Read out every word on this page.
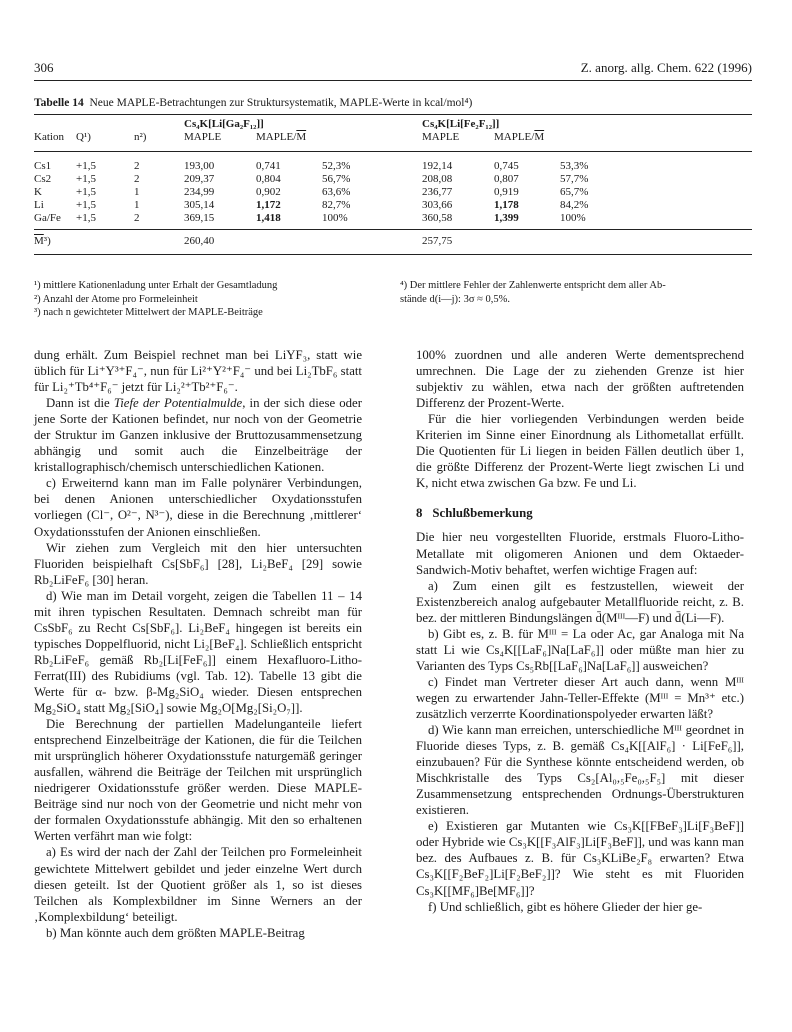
306	Z. anorg. allg. Chem. 622 (1996)
Tabelle 14 Neue MAPLE-Betrachtungen zur Struktursystematik, MAPLE-Werte in kcal/mol⁴)
			Cs₄K[Li[Ga₂F₁₂]]			Cs₄K[Li[Fe₂F₁₂]]		
Kation	Q¹)	n²)	MAPLE	MAPLE/$\overline{M}$		MAPLE	MAPLE/$\overline{M}$

Cs1	+1,5	2	193,00	0,741	52,3%	192,14	0,745	53,3%
Cs2	+1,5	2	209,37	0,804	56,7%	208,08	0,807	57,7%
K	+1,5	1	234,99	0,902	63,6%	236,77	0,919	65,7%
Li	+1,5	1	305,14	1,172	82,7%	303,66	1,178	84,2%
Ga/Fe	+1,5	2	369,15	1,418	100%	360,58	1,399	100%

$\overline{M}^3$)			260,40			257,75		

¹) mittlere Kationenladung unter Erhalt der Gesamtladung
²) Anzahl der Atome pro Formeleinheit
³) nach n gewichteter Mittelwert der MAPLE-Beiträge
⁴) Der mittlere Fehler der Zahlenwerte entspricht dem aller Ab-
stände d(i—j): 3σ ≈ 0,5%.

dung erhält. Zum Beispiel rechnet man bei LiYF₃, statt wie üblich für Li⁺Y³⁺F₄⁻, nun für Li²⁺Y²⁺F₄⁻ und bei Li₂TbF₆ statt für Li₂⁺Tb⁴⁺F₆⁻ jetzt für Li₂²⁺Tb²⁺F₆⁻.

Dann ist die Tiefe der Potentialmulde, in der sich diese oder jene Sorte der Kationen befindet, nur noch von der Geometrie der Struktur im Ganzen inklusive der Bruttozusammensetzung abhängig und somit auch die Einzelbeiträge der kristallographisch/chemisch unterschiedlichen Kationen.

c) Erweiternd kann man im Falle polynärer Verbindungen, bei denen Anionen unterschiedlicher Oxydationsstufen vorliegen (Cl⁻, O²⁻, N³⁻), diese in die Berechnung ‚mittlerer‘ Oxydationsstufen der Anionen einschließen.

Wir ziehen zum Vergleich mit den hier untersuchten Fluoriden beispielhaft Cs[SbF₆] [28], Li₂BeF₄ [29] sowie Rb₂LiFeF₆ [30] heran.

d) Wie man im Detail vorgeht, zeigen die Tabellen 11 – 14 mit ihren typischen Resultaten. Demnach schreibt man für CsSbF₆ zu Recht Cs[SbF₆]. Li₂BeF₄ hingegen ist bereits ein typisches Doppelfluorid, nicht Li₂[BeF₄]. Schließlich entspricht Rb₂LiFeF₆ gemäß Rb₂[Li[FeF₆]] einem Hexafluoro-Litho-Ferrat(III) des Rubidiums (vgl. Tab. 12). Tabelle 13 gibt die Werte für α- bzw. β-Mg₂SiO₄ wieder. Diesen entsprechen Mg₂SiO₄ statt Mg₂[SiO₄] sowie Mg₂O[Mg₂[Si₂O₇]].

Die Berechnung der partiellen Madelunganteile liefert entsprechend Einzelbeiträge der Kationen, die für die Teilchen mit ursprünglich höherer Oxydationsstufe naturgemäß geringer ausfallen, während die Beiträge der Teilchen mit ursprünglich niedrigerer Oxidationsstufe größer werden. Diese MAPLE-Beiträge sind nur noch von der Geometrie und nicht mehr von der formalen Oxydationsstufe abhängig. Mit den so erhaltenen Werten verfährt man wie folgt:

a) Es wird der nach der Zahl der Teilchen pro Formeleinheit gewichtete Mittelwert gebildet und jeder einzelne Wert durch diesen geteilt. Ist der Quotient größer als 1, so ist dieses Teilchen als Komplexbildner im Sinne Werners an der ‚Komplexbildung‘ beteiligt.

b) Man könnte auch dem größten MAPLE-Beitrag

100% zuordnen und alle anderen Werte dementsprechend umrechnen. Die Lage der zu ziehenden Grenze ist hier subjektiv zu wählen, etwa nach der größten auftretenden Differenz der Prozent-Werte.

Für die hier vorliegenden Verbindungen werden beide Kriterien im Sinne einer Einordnung als Lithometallat erfüllt. Die Quotienten für Li liegen in beiden Fällen deutlich über 1, die größte Differenz der Prozent-Werte liegt zwischen Li und K, nicht etwa zwischen Ga bzw. Fe und Li.

8 Schlußbemerkung

Die hier neu vorgestellten Fluoride, erstmals Fluoro-Litho-Metallate mit oligomeren Anionen und dem Oktaeder-Sandwich-Motiv behaftet, werfen wichtige Fragen auf:

a) Zum einen gilt es festzustellen, wieweit der Existenzbereich analog aufgebauter Metallfluoride reicht, z. B. bez. der mittleren Bindungslängen d̄(Mᴵᴵᴵ—F) und d̄(Li—F).

b) Gibt es, z. B. für Mᴵᴵᴵ = La oder Ac, gar Analoga mit Na statt Li wie Cs₄K[[LaF₆]Na[LaF₆]] oder müßte man hier zu Varianten des Typs Cs₅Rb[[LaF₆]Na[LaF₆]] ausweichen?

c) Findet man Vertreter dieser Art auch dann, wenn Mᴵᴵᴵ wegen zu erwartender Jahn-Teller-Effekte (Mᴵᴵᴵ = Mn³⁺ etc.) zusätzlich verzerrte Koordinationspolyeder erwarten läßt?

d) Wie kann man erreichen, unterschiedliche Mᴵᴵᴵ geordnet in Fluoride dieses Typs, z. B. gemäß Cs₄K[[AlF₆] · Li[FeF₆]], einzubauen? Für die Synthese könnte entscheidend werden, ob Mischkristalle des Typs Cs₂[Al₀,₅Fe₀,₅F₅] mit dieser Zusammensetzung entsprechenden Ordnungs-Überstrukturen existieren.

e) Existieren gar Mutanten wie Cs₃K[[FBeF₃]Li[F₃BeF]] oder Hybride wie Cs₃K[[F₃AlF₃]Li[F₃BeF]], und was kann man bez. des Aufbaues z. B. für Cs₃KLiBe₂F₈ erwarten? Etwa Cs₃K[[F₂BeF₂]Li[F₂BeF₂]]? Wie steht es mit Fluoriden Cs₃K[[MF₆]Be[MF₆]]?

f) Und schließlich, gibt es höhere Glieder der hier ge-
